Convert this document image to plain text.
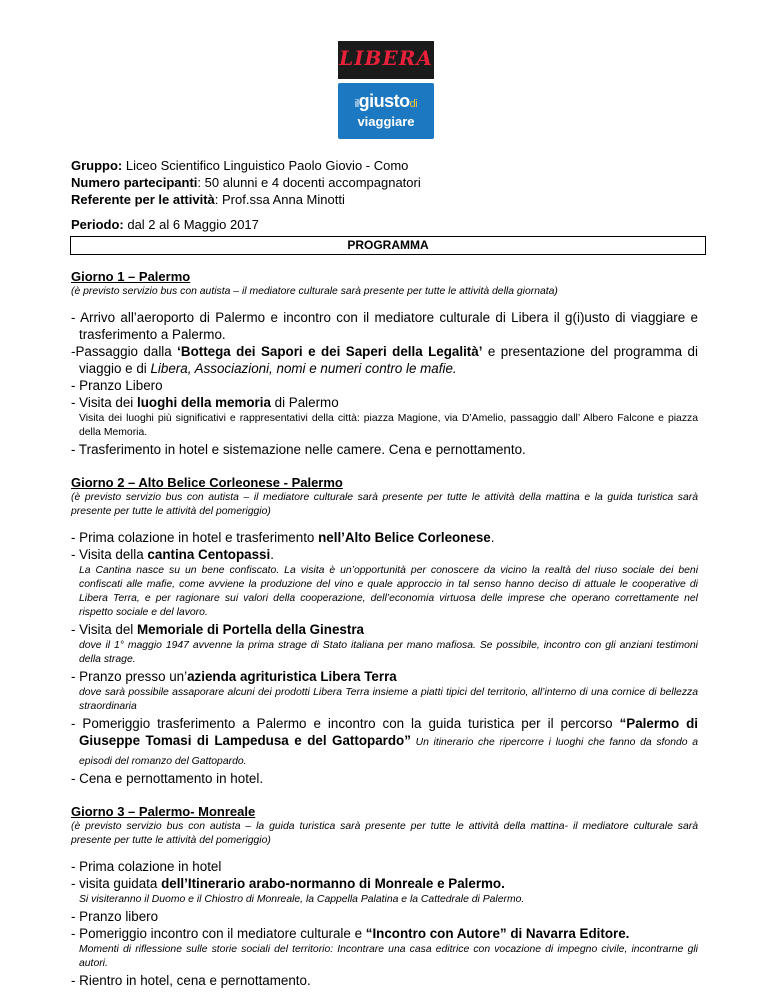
LIBERA
ilgiustodi
viaggiare
Gruppo: Liceo Scientifico Linguistico Paolo Giovio - Como
Numero partecipanti: 50 alunni e 4 docenti accompagnatori
Referente per le attività: Prof.ssa Anna Minotti
Periodo: dal 2 al 6 Maggio 2017
PROGRAMMA

Giorno 1 – Palermo

(è previsto servizio bus con autista – il mediatore culturale sarà presente per tutte le attività della giornata)

- Arrivo all’aeroporto di Palermo e incontro con il mediatore culturale di Libera il g(i)usto di viaggiare e trasferimento a Palermo.

-Passaggio dalla ‘Bottega dei Sapori e dei Saperi della Legalità’ e presentazione del programma di viaggio e di Libera, Associazioni, nomi e numeri contro le mafie.

- Pranzo Libero

- Visita dei luoghi della memoria di Palermo

Visita dei luoghi più significativi e rappresentativi della città: piazza Magione, via D’Amelio, passaggio dall’ Albero Falcone e piazza della Memoria.

- Trasferimento in hotel e sistemazione nelle camere. Cena e pernottamento.

Giorno 2 – Alto Belice Corleonese - Palermo

(è previsto servizio bus con autista – il mediatore culturale sarà presente per tutte le attività della mattina e la guida turistica sarà presente per tutte le attività del pomeriggio)

- Prima colazione in hotel e trasferimento nell’Alto Belice Corleonese.

- Visita della cantina Centopassi.

La Cantina nasce su un bene confiscato. La visita è un’opportunità per conoscere da vicino la realtà del riuso sociale dei beni confiscati alle mafie, come avviene la produzione del vino e quale approccio in tal senso hanno deciso di attuale le cooperative di Libera Terra, e per ragionare sui valori della cooperazione, dell’economia virtuosa delle imprese che operano correttamente nel rispetto sociale e del lavoro.

- Visita del Memoriale di Portella della Ginestra

dove il 1° maggio 1947 avvenne la prima strage di Stato italiana per mano mafiosa. Se possibile, incontro con gli anziani testimoni della strage.

- Pranzo presso un’azienda agrituristica Libera Terra

dove sarà possibile assaporare alcuni dei prodotti Libera Terra insieme a piatti tipici del territorio, all’interno di una cornice di bellezza straordinaria

- Pomeriggio trasferimento a Palermo e incontro con la guida turistica per il percorso “Palermo di Giuseppe Tomasi di Lampedusa e del Gattopardo” Un itinerario che ripercorre i luoghi che fanno da sfondo a episodi del romanzo del Gattopardo.

- Cena e pernottamento in hotel.

Giorno 3 – Palermo- Monreale

(è previsto servizio bus con autista – la guida turistica sarà presente per tutte le attività della mattina- il mediatore culturale sarà presente per tutte le attività del pomeriggio)

- Prima colazione in hotel

- visita guidata dell’Itinerario arabo-normanno di Monreale e Palermo.

Si visiteranno il Duomo e il Chiostro di Monreale, la Cappella Palatina e la Cattedrale di Palermo.

- Pranzo libero

- Pomeriggio incontro con il mediatore culturale e “Incontro con Autore” di Navarra Editore.

Momenti di riflessione sulle storie sociali del territorio: Incontrare una casa editrice con vocazione di impegno civile, incontrarne gli autori.

- Rientro in hotel, cena e pernottamento.
